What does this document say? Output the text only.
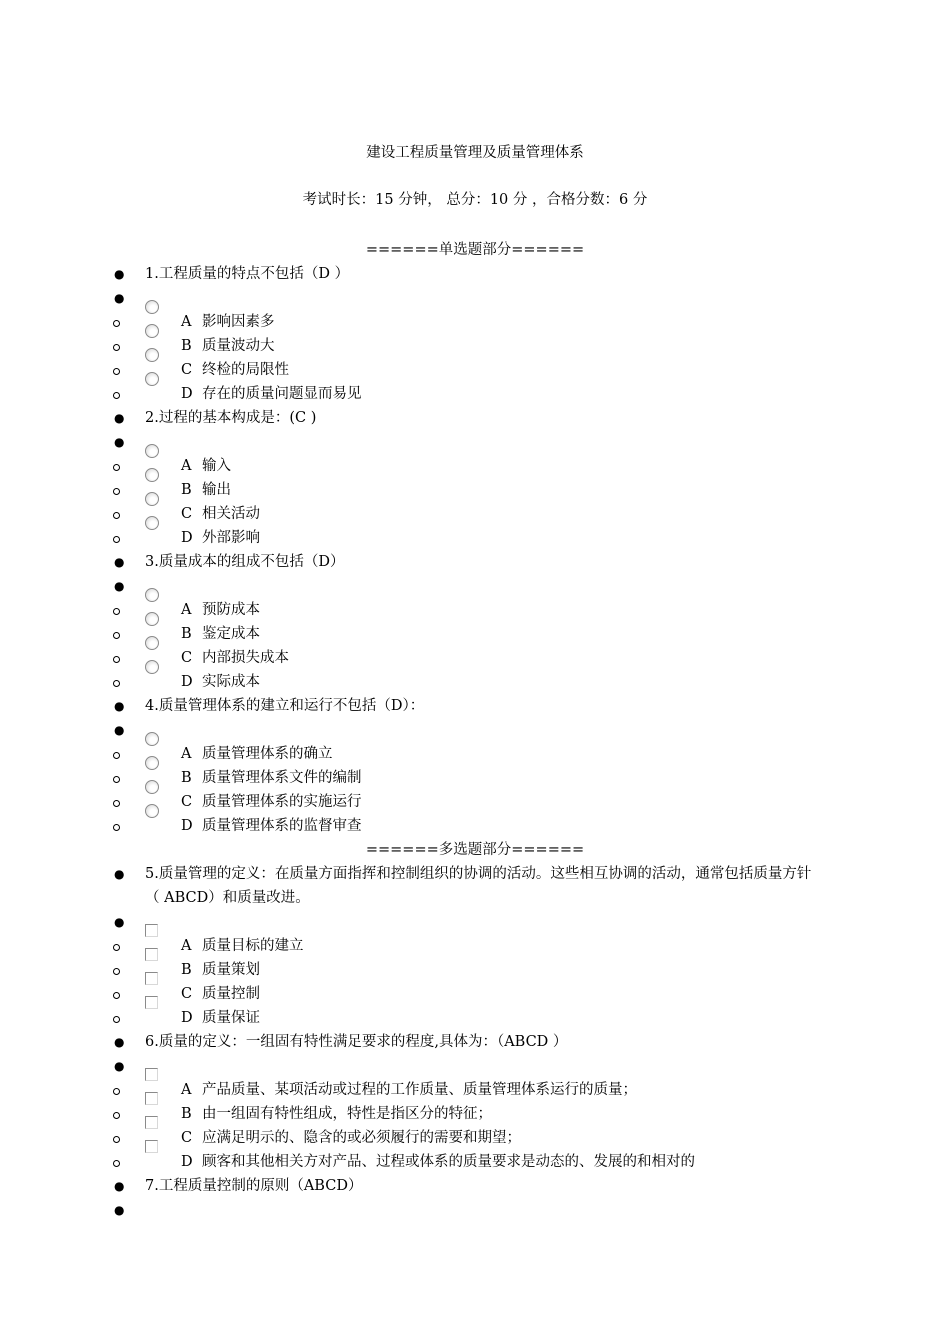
建设工程质量管理及质量管理体系
考试时长：15 分钟， 总分：10 分 ，合格分数：6 分
======单选题部分======
● 1.工程质量的特点不包括（D ）
●
A 影响因素多
B 质量波动大
C 终检的局限性
D 存在的质量问题显而易见
● 2.过程的基本构成是：(C )
●
A 输入
B 输出
C 相关活动
D 外部影响
● 3.质量成本的组成不包括（D）
●
A 预防成本
B 鉴定成本
C 内部损失成本
D 实际成本
● 4.质量管理体系的建立和运行不包括（D）：
●
A 质量管理体系的确立
B 质量管理体系文件的编制
C 质量管理体系的实施运行
D 质量管理体系的监督审查
======多选题部分======
● 5.质量管理的定义：在质量方面指挥和控制组织的协调的活动。这些相互协调的活动，通常包括质量方针（ ABCD）和质量改进。
●
A 质量目标的建立
B 质量策划
C 质量控制
D 质量保证
● 6.质量的定义：一组固有特性满足要求的程度,具体为：（ABCD ）
●
A 产品质量、某项活动或过程的工作质量、质量管理体系运行的质量；
B 由一组固有特性组成，特性是指区分的特征；
C 应满足明示的、隐含的或必须履行的需要和期望；
D 顾客和其他相关方对产品、过程或体系的质量要求是动态的、发展的和相对的
● 7.工程质量控制的原则（ABCD）
●
